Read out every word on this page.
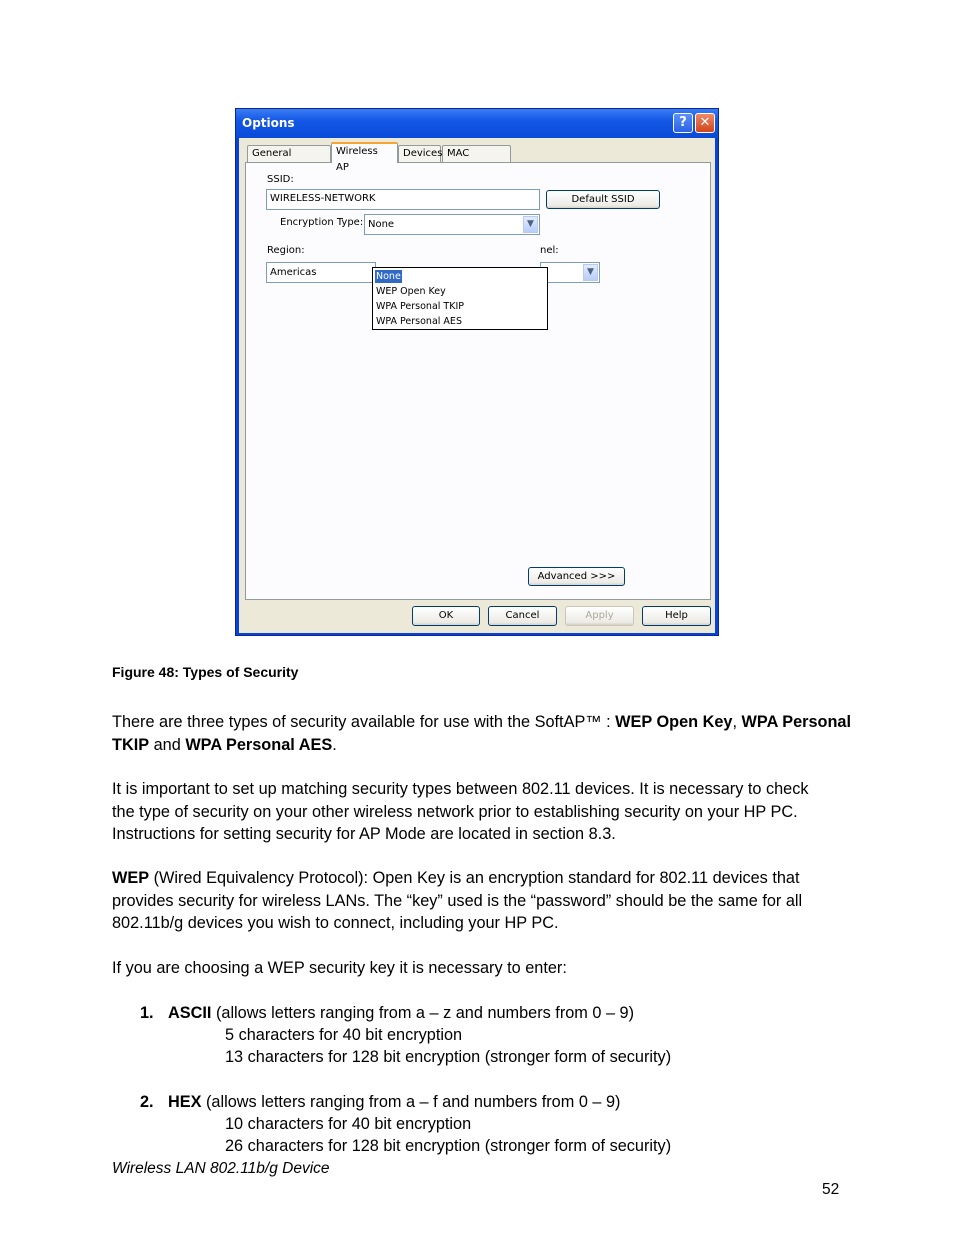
Options	? ✕
General	Wireless AP
Devices MAC
SSID:
WIRELESS-NETWORK	Default SSID
Encryption Type: None	▼
Region:
Americas
nel:
▼
None
WEP Open Key
WPA Personal TKIP
WPA Personal AES
Advanced >>>
OK	Cancel	Apply	Help
Figure 48: Types of Security
There are three types of security available for use with the SoftAP™ : WEP Open Key, WPA Personal TKIP and WPA Personal AES.

It is important to set up matching security types between 802.11 devices. It is necessary to check

the type of security on your other wireless network prior to establishing security on your HP PC.

Instructions for setting security for AP Mode are located in section 8.3.

WEP (Wired Equivalency Protocol): Open Key is an encryption standard for 802.11 devices that

provides security for wireless LANs. The “key” used is the “password” should be the same for all

802.11b/g devices you wish to connect, including your HP PC.

If you are choosing a WEP security key it is necessary to enter:
1. ASCII (allows letters ranging from a – z and numbers from 0 – 9)
5 characters for 40 bit encryption
13 characters for 128 bit encryption (stronger form of security)
2. HEX (allows letters ranging from a – f and numbers from 0 – 9)
10 characters for 40 bit encryption
26 characters for 128 bit encryption (stronger form of security)
Wireless LAN 802.11b/g Device
52
